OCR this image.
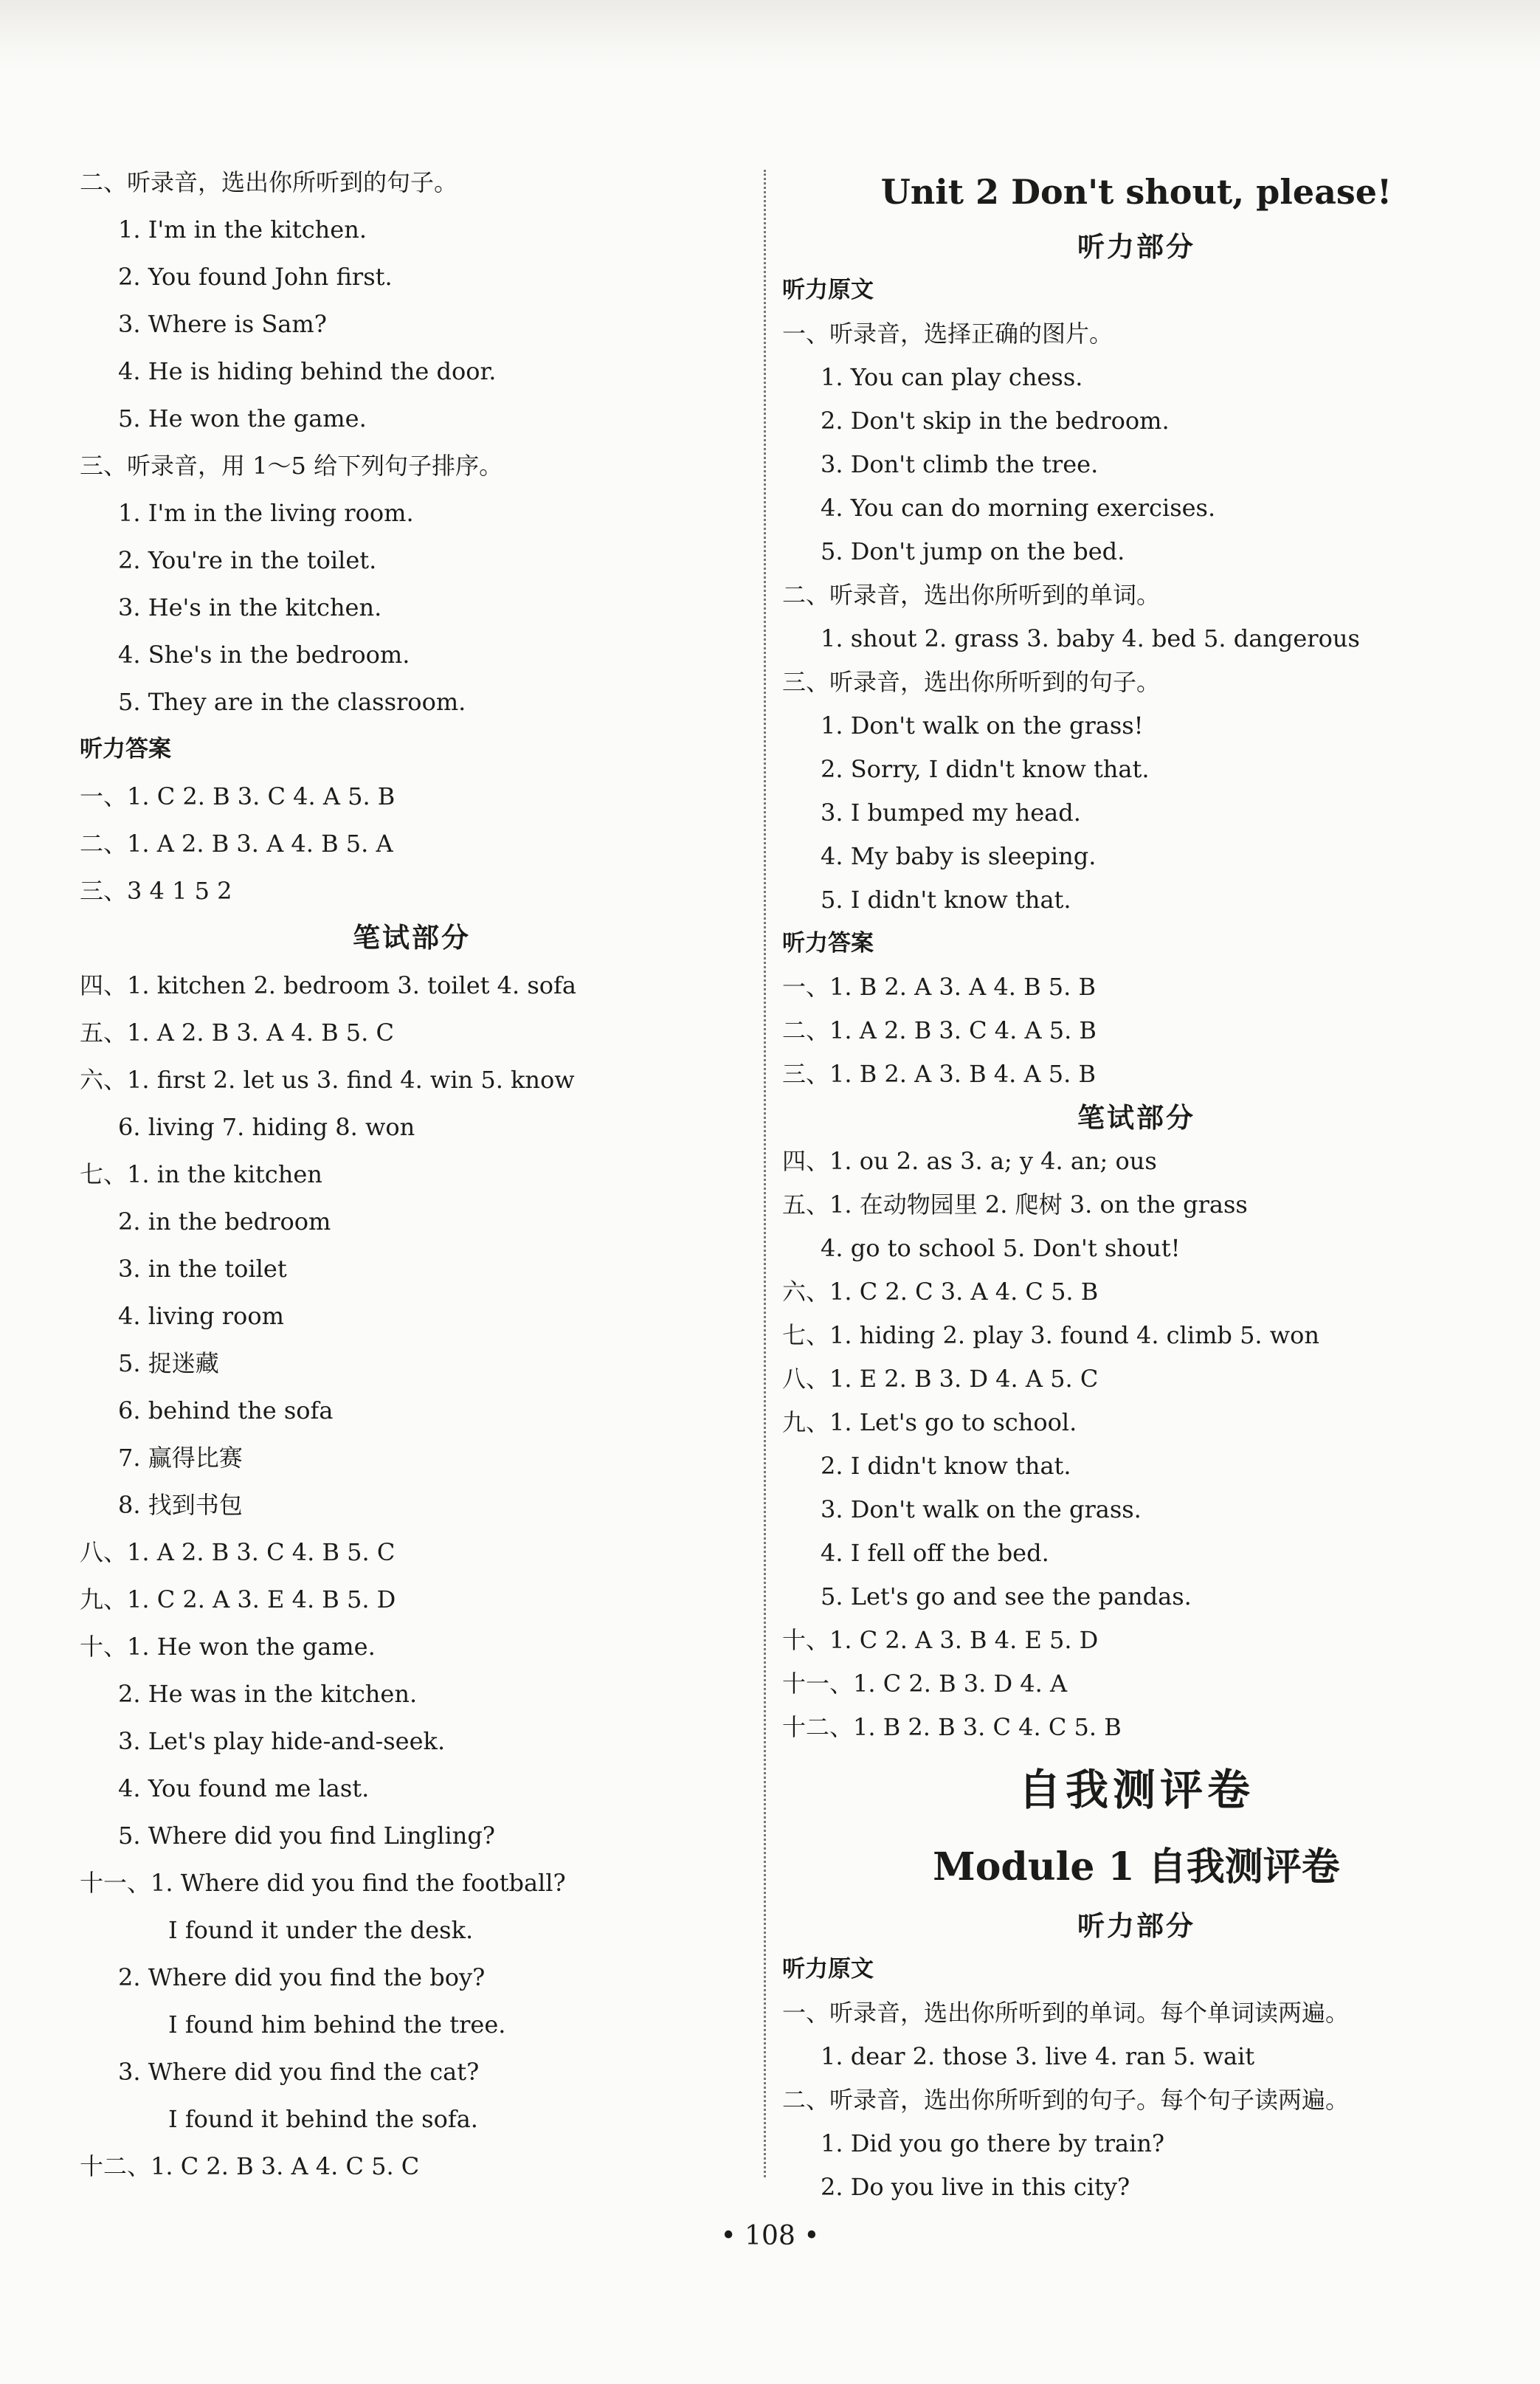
二、听录音，选出你所听到的句子。
1. I'm in the kitchen.
2. You found John first.
3. Where is Sam?
4. He is hiding behind the door.
5. He won the game.
三、听录音，用 1～5 给下列句子排序。
1. I'm in the living room.
2. You're in the toilet.
3. He's in the kitchen.
4. She's in the bedroom.
5. They are in the classroom.
听力答案
一、1. C 2. B 3. C 4. A 5. B
二、1. A 2. B 3. A 4. B 5. A
三、3 4 1 5 2
笔试部分
四、1. kitchen 2. bedroom 3. toilet 4. sofa
五、1. A 2. B 3. A 4. B 5. C
六、1. first 2. let us 3. find 4. win 5. know
6. living 7. hiding 8. won
七、1. in the kitchen
2. in the bedroom
3. in the toilet
4. living room
5. 捉迷藏
6. behind the sofa
7. 赢得比赛
8. 找到书包
八、1. A 2. B 3. C 4. B 5. C
九、1. C 2. A 3. E 4. B 5. D
十、1. He won the game.
2. He was in the kitchen.
3. Let's play hide-and-seek.
4. You found me last.
5. Where did you find Lingling?
十一、1. Where did you find the football?
I found it under the desk.
2. Where did you find the boy?
I found him behind the tree.
3. Where did you find the cat?
I found it behind the sofa.
十二、1. C 2. B 3. A 4. C 5. C
Unit 2 Don't shout, please!
听力部分
听力原文
一、听录音，选择正确的图片。
1. You can play chess.
2. Don't skip in the bedroom.
3. Don't climb the tree.
4. You can do morning exercises.
5. Don't jump on the bed.
二、听录音，选出你所听到的单词。
1. shout 2. grass 3. baby 4. bed 5. dangerous
三、听录音，选出你所听到的句子。
1. Don't walk on the grass!
2. Sorry, I didn't know that.
3. I bumped my head.
4. My baby is sleeping.
5. I didn't know that.
听力答案
一、1. B 2. A 3. A 4. B 5. B
二、1. A 2. B 3. C 4. A 5. B
三、1. B 2. A 3. B 4. A 5. B
笔试部分
四、1. ou 2. as 3. a; y 4. an; ous
五、1. 在动物园里 2. 爬树 3. on the grass
4. go to school 5. Don't shout!
六、1. C 2. C 3. A 4. C 5. B
七、1. hiding 2. play 3. found 4. climb 5. won
八、1. E 2. B 3. D 4. A 5. C
九、1. Let's go to school.
2. I didn't know that.
3. Don't walk on the grass.
4. I fell off the bed.
5. Let's go and see the pandas.
十、1. C 2. A 3. B 4. E 5. D
十一、1. C 2. B 3. D 4. A
十二、1. B 2. B 3. C 4. C 5. B
自我测评卷
Module 1 自我测评卷
听力部分
听力原文
一、听录音，选出你所听到的单词。每个单词读两遍。
1. dear 2. those 3. live 4. ran 5. wait
二、听录音，选出你所听到的句子。每个句子读两遍。
1. Did you go there by train?
2. Do you live in this city?
• 108 •
